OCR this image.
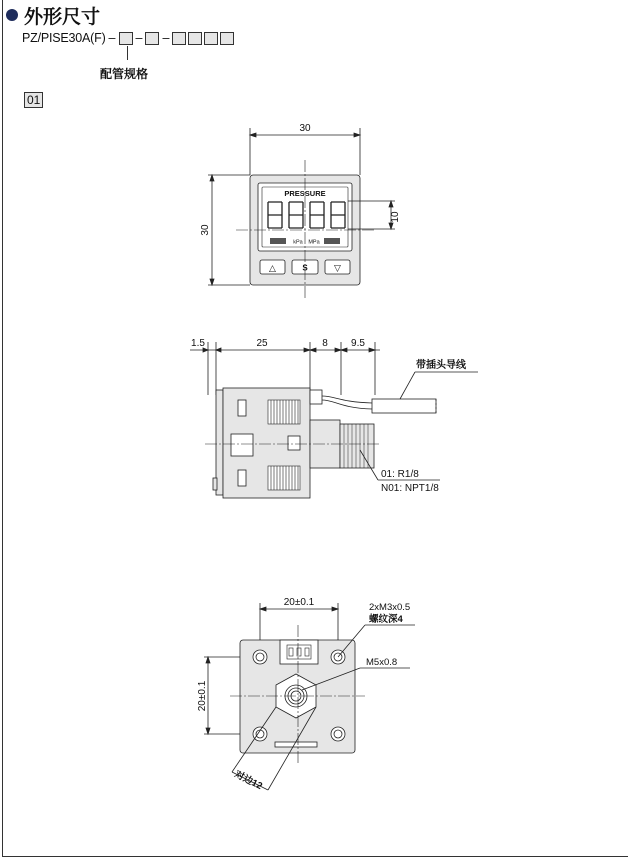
外形尺寸
PZ/PISE30A(F) – – –
配管规格
01
30
30
PRESSURE
kPa MPa
10
△	S	▽
1.5	25	8 9.5
带插头导线
01: R1/8
N01: NPT1/8
20±0.1
20±0.1
2xM3x0.5
螺纹深4
M5x0.8
对边12
